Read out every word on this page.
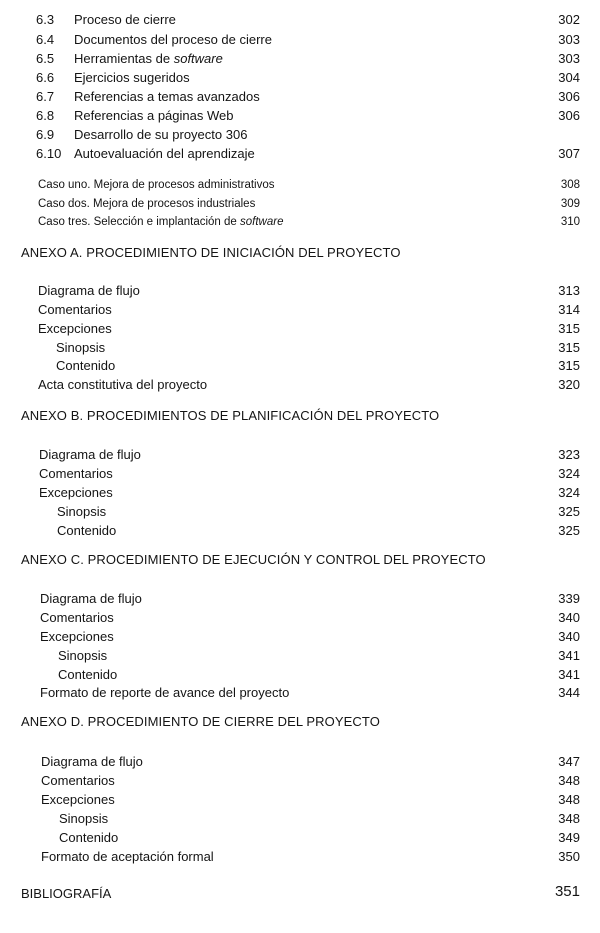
6.3 Proceso de cierre	302
6.4 Documentos del proceso de cierre	303
6.5 Herramientas de software	303
6.6 Ejercicios sugeridos	304
6.7 Referencias a temas avanzados	306
6.8 Referencias a páginas Web	306
6.9 Desarrollo de su proyecto 306
6.10 Autoevaluación del aprendizaje	307
Caso uno. Mejora de procesos administrativos	308
Caso dos. Mejora de procesos industriales	309
Caso tres. Selección e implantación de software	310
ANEXO A. PROCEDIMIENTO DE INICIACIÓN DEL PROYECTO
Diagrama de flujo	313
Comentarios	314
Excepciones	315
Sinopsis	315
Contenido	315
Acta constitutiva del proyecto	320
ANEXO B. PROCEDIMIENTOS DE PLANIFICACIÓN DEL PROYECTO
Diagrama de flujo	323
Comentarios	324
Excepciones	324
Sinopsis	325
Contenido	325
ANEXO C. PROCEDIMIENTO DE EJECUCIÓN Y CONTROL DEL PROYECTO
Diagrama de flujo	339
Comentarios	340
Excepciones	340
Sinopsis	341
Contenido	341
Formato de reporte de avance del proyecto	344
ANEXO D. PROCEDIMIENTO DE CIERRE DEL PROYECTO
Diagrama de flujo	347
Comentarios	348
Excepciones	348
Sinopsis	348
Contenido	349
Formato de aceptación formal	350
BIBLIOGRAFÍA	351
